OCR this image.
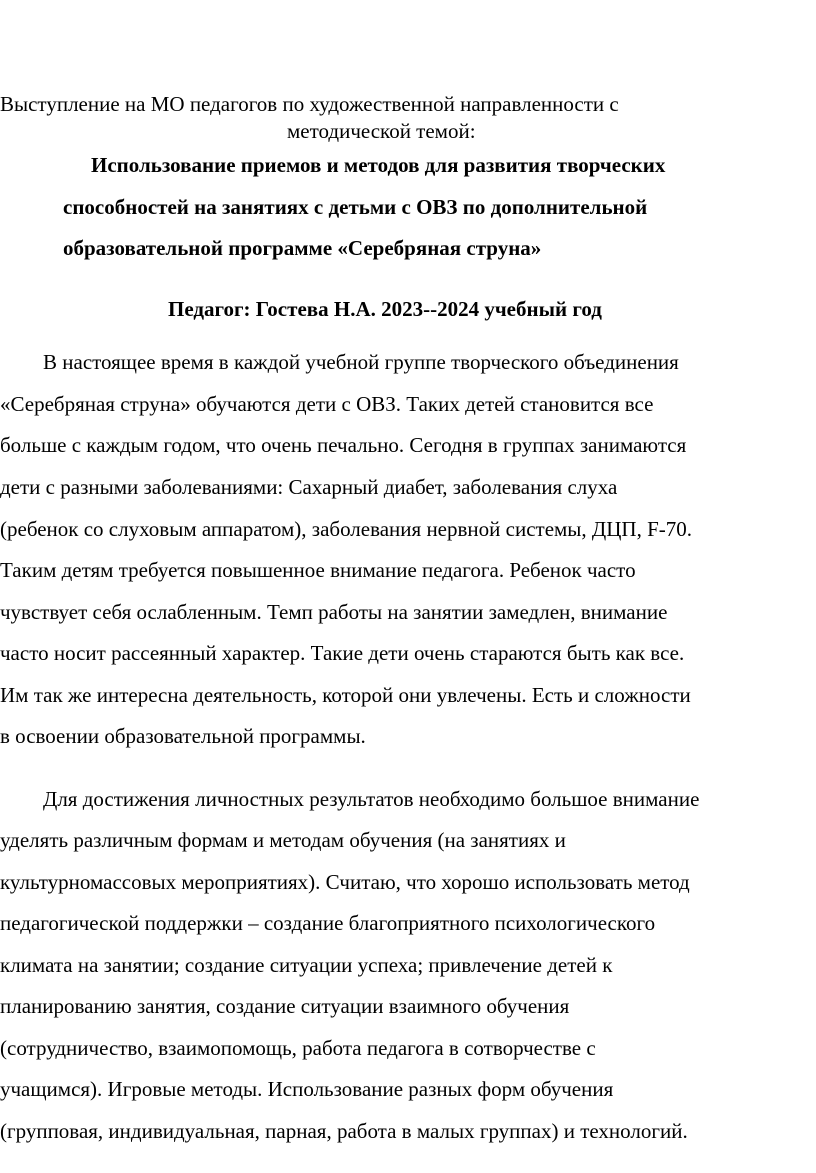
Выступление на МО педагогов по художественной направленности с
методической темой:
Использование приемов и методов для развития творческих
способностей на занятиях с детьми с ОВЗ по дополнительной
образовательной программе «Серебряная струна»
Педагог: Гостева Н.А. 2023--2024 учебный год
В настоящее время в каждой учебной группе творческого объединения
«Серебряная струна» обучаются дети с ОВЗ. Таких детей становится все
больше с каждым годом, что очень печально. Сегодня в группах занимаются
дети с разными заболеваниями: Сахарный диабет, заболевания слуха
(ребенок со слуховым аппаратом), заболевания нервной системы, ДЦП, F-70.
Таким детям требуется повышенное внимание педагога. Ребенок часто
чувствует себя ослабленным. Темп работы на занятии замедлен, внимание
часто носит рассеянный характер. Такие дети очень стараются быть как все.
Им так же интересна деятельность, которой они увлечены. Есть и сложности
в освоении образовательной программы.
Для достижения личностных результатов необходимо большое внимание
уделять различным формам и методам обучения (на занятиях и
культурномассовых мероприятиях). Считаю, что хорошо использовать метод
педагогической поддержки – создание благоприятного психологического
климата на занятии; создание ситуации успеха; привлечение детей к
планированию занятия, создание ситуации взаимного обучения
(сотрудничество, взаимопомощь, работа педагога в сотворчестве с
учащимся). Игровые методы. Использование разных форм обучения
(групповая, индивидуальная, парная, работа в малых группах) и технологий.
